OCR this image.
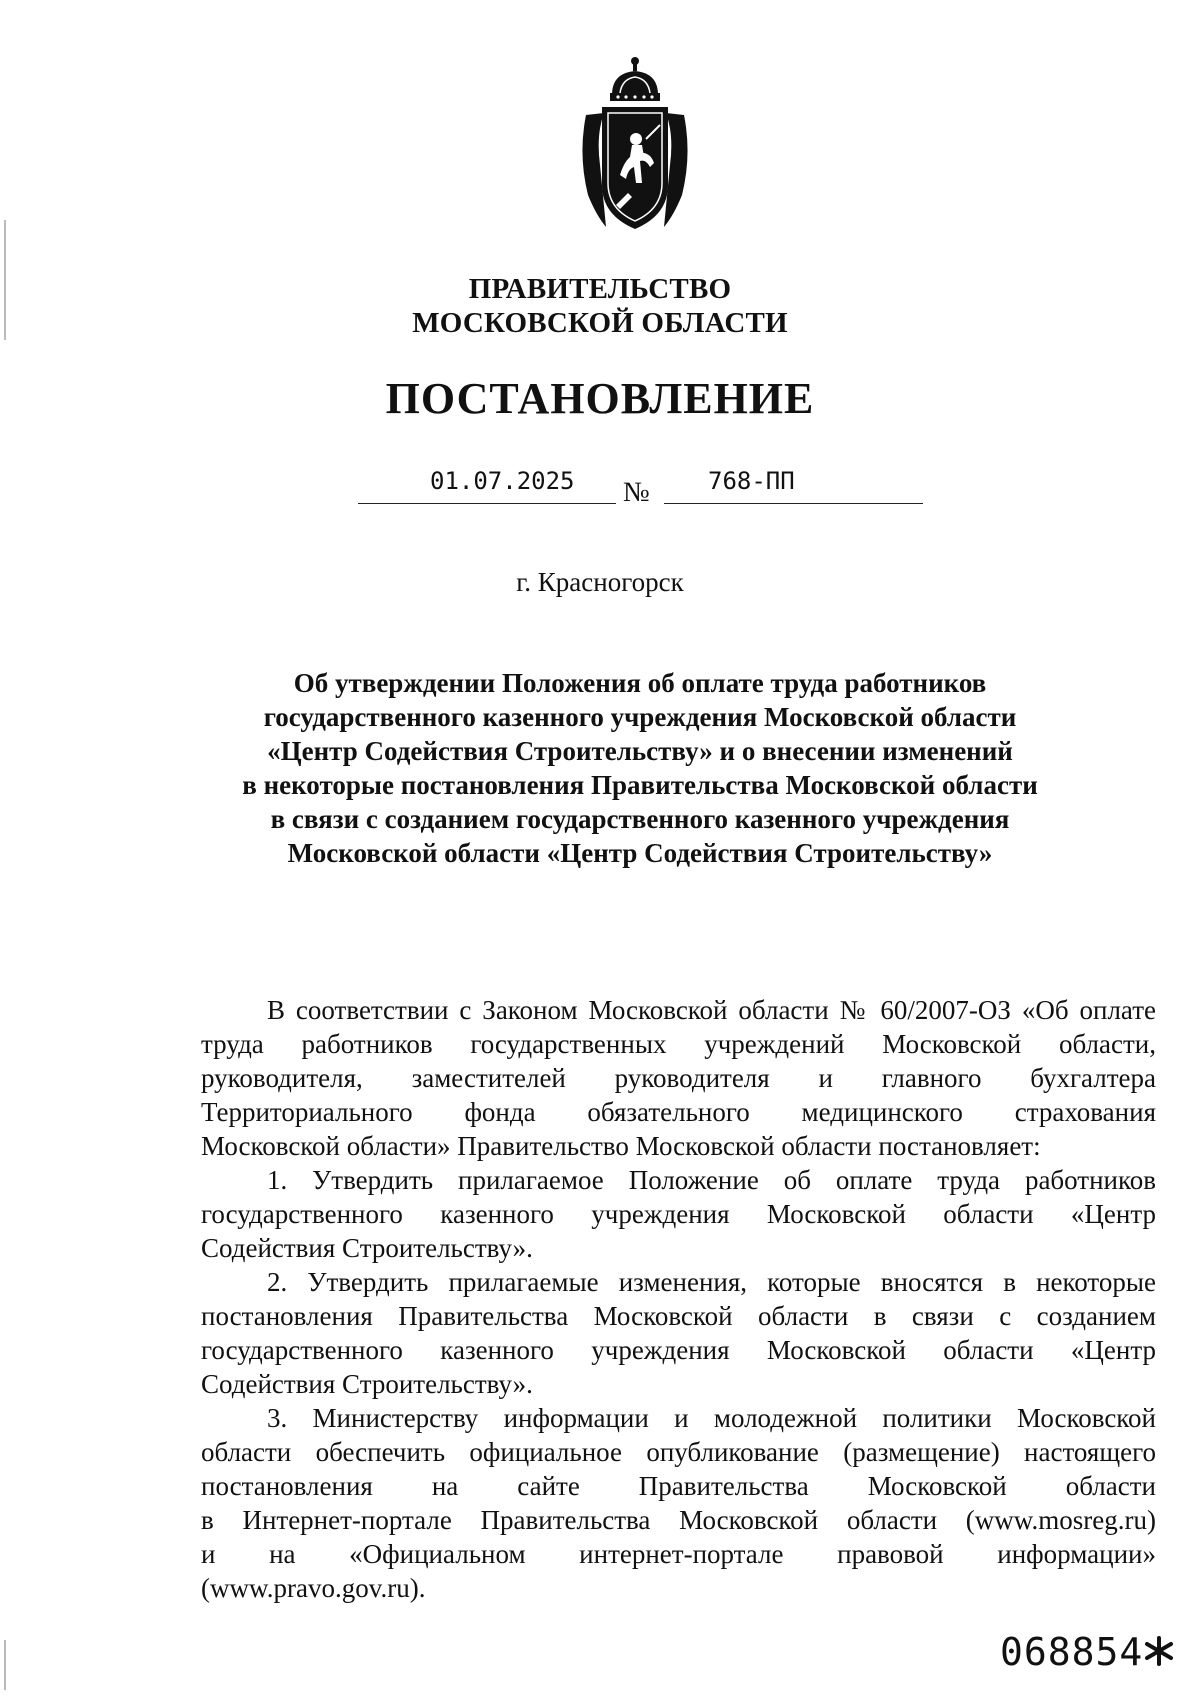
ПРАВИТЕЛЬСТВО
МОСКОВСКОЙ ОБЛАСТИ
ПОСТАНОВЛЕНИЕ
01.07.2025 № 768-ПП
г. Красногорск
Об утверждении Положения об оплате труда работников
государственного казенного учреждения Московской области
«Центр Содействия Строительству» и о внесении изменений
в некоторые постановления Правительства Московской области
в связи с созданием государственного казенного учреждения
Московской области «Центр Содействия Строительству»
В соответствии с Законом Московской области № 60/2007-ОЗ «Об оплате
труда работников государственных учреждений Московской области,
руководителя, заместителей руководителя и главного бухгалтера
Территориального фонда обязательного медицинского страхования
Московской области» Правительство Московской области постановляет:
1. Утвердить прилагаемое Положение об оплате труда работников
государственного казенного учреждения Московской области «Центр
Содействия Строительству».
2. Утвердить прилагаемые изменения, которые вносятся в некоторые
постановления Правительства Московской области в связи с созданием
государственного казенного учреждения Московской области «Центр
Содействия Строительству».
3. Министерству информации и молодежной политики Московской
области обеспечить официальное опубликование (размещение) настоящего
постановления на сайте Правительства Московской области
в Интернет-портале Правительства Московской области (www.mosreg.ru)
и на «Официальном интернет-портале правовой информации»
(www.pravo.gov.ru).
068854
